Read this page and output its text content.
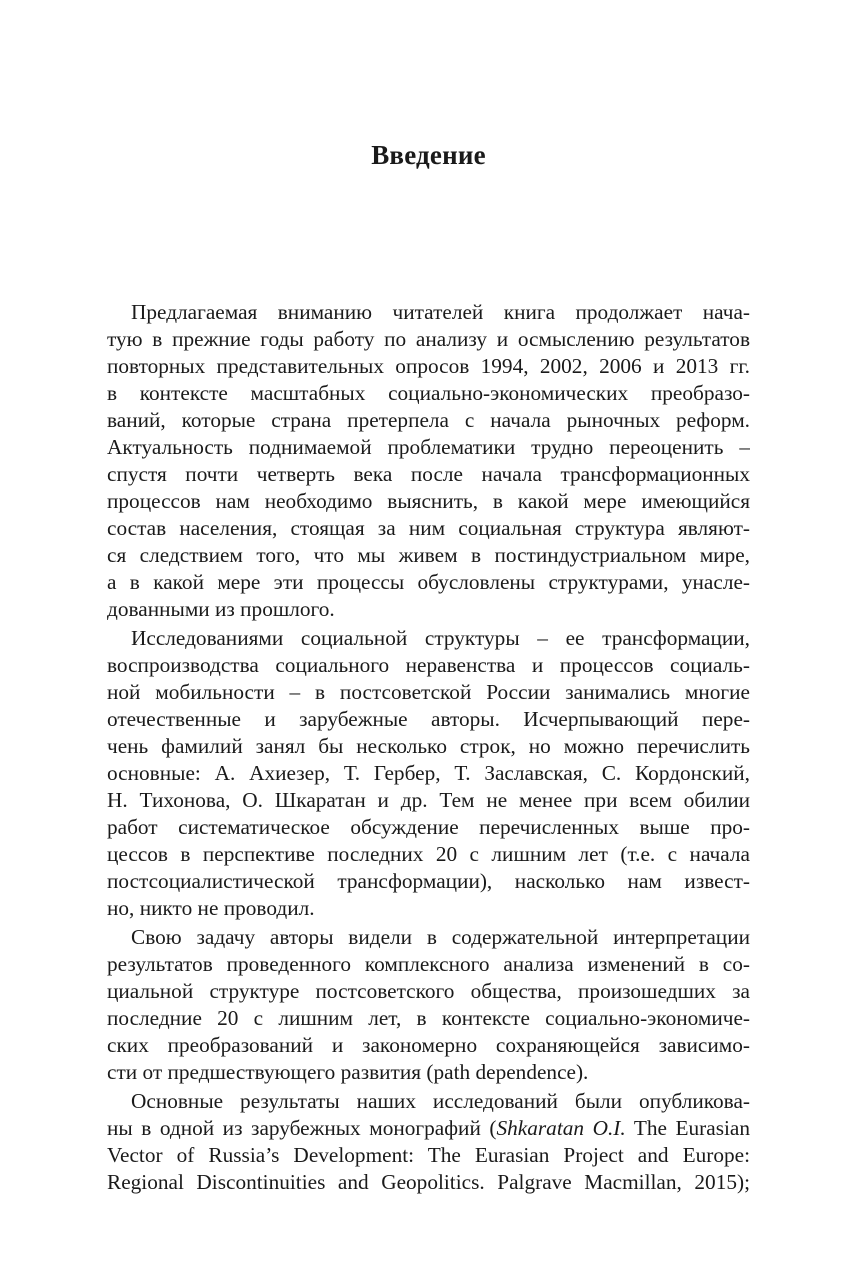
Введение
Предлагаемая вниманию читателей книга продолжает нача-
тую в прежние годы работу по анализу и осмыслению результатов
повторных представительных опросов 1994, 2002, 2006 и 2013 гг.
в контексте масштабных социально-экономических преобразо-
ваний, которые страна претерпела с начала рыночных реформ.
Актуальность поднимаемой проблематики трудно переоценить –
спустя почти четверть века после начала трансформационных
процессов нам необходимо выяснить, в какой мере имеющийся
состав населения, стоящая за ним социальная структура являют-
ся следствием того, что мы живем в постиндустриальном мире,
а в какой мере эти процессы обусловлены структурами, унасле-
дованными из прошлого.
Исследованиями социальной структуры – ее трансформации,
воспроизводства социального неравенства и процессов социаль-
ной мобильности – в постсоветской России занимались многие
отечественные и зарубежные авторы. Исчерпывающий пере-
чень фамилий занял бы несколько строк, но можно перечислить
основные: А. Ахиезер, Т. Гербер, Т. Заславская, С. Кордонский,
Н. Тихонова, О. Шкаратан и др. Тем не менее при всем обилии
работ систематическое обсуждение перечисленных выше про-
цессов в перспективе последних 20 с лишним лет (т.е. с начала
постсоциалистической трансформации), насколько нам извест-
но, никто не проводил.
Свою задачу авторы видели в содержательной интерпретации
результатов проведенного комплексного анализа изменений в со-
циальной структуре постсоветского общества, произошедших за
последние 20 с лишним лет, в контексте социально-экономиче-
ских преобразований и закономерно сохраняющейся зависимо-
сти от предшествующего развития (path dependence).
Основные результаты наших исследований были опубликова-
ны в одной из зарубежных монографий (Shkaratan O.I. The Eurasian
Vector of Russia’s Development: The Eurasian Project and Europe:
Regional Discontinuities and Geopolitics. Palgrave Macmillan, 2015);
